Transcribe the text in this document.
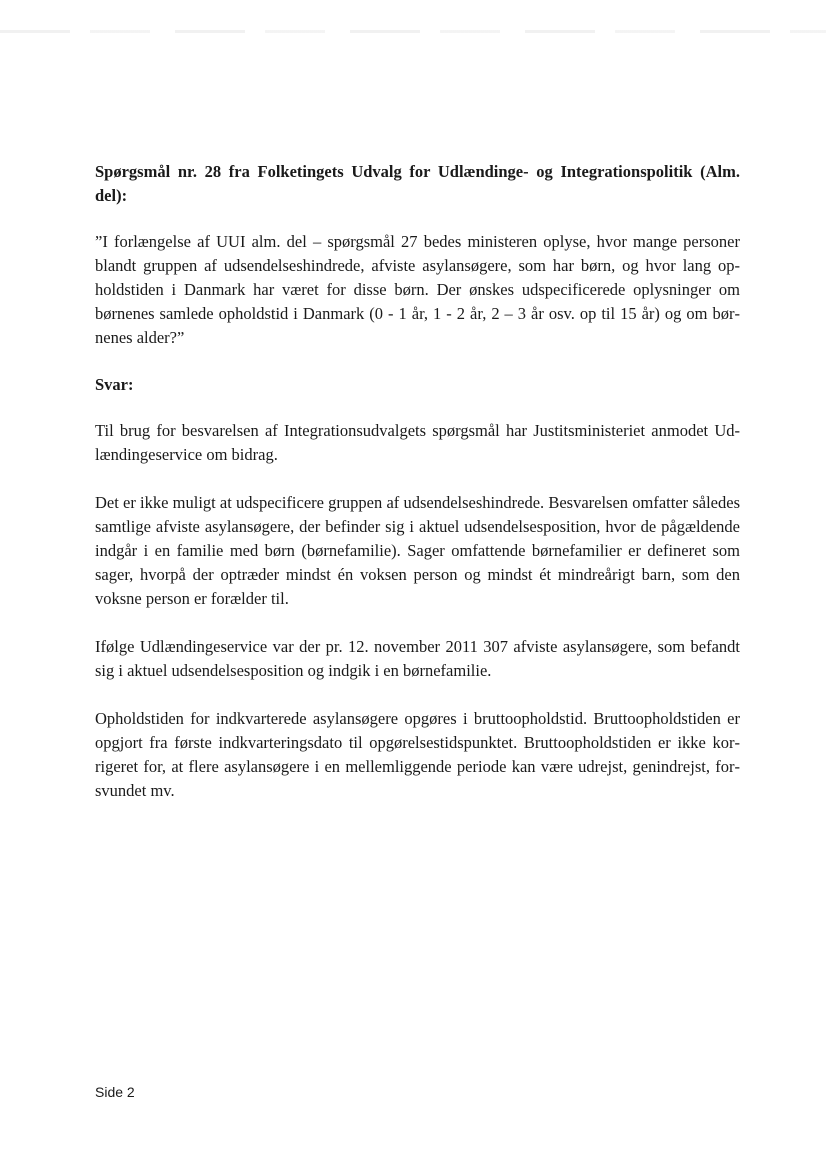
Spørgsmål nr. 28 fra Folketingets Udvalg for Udlændinge- og Integrationspolitik (Alm. del):

”I forlængelse af UUI alm. del – spørgsmål 27 bedes ministeren oplyse, hvor mange personer blandt gruppen af udsendelseshindrede, afviste asylansøgere, som har børn, og hvor lang opholdstiden i Danmark har været for disse børn. Der ønskes udspecificerede oplysninger om børnenes samlede opholdstid i Danmark (0 - 1 år, 1 - 2 år, 2 – 3 år osv. op til 15 år) og om børnenes alder?”

Svar:

Til brug for besvarelsen af Integrationsudvalgets spørgsmål har Justitsministeriet anmodet Udlændingeservice om bidrag.

Det er ikke muligt at udspecificere gruppen af udsendelseshindrede. Besvarelsen omfatter således samtlige afviste asylansøgere, der befinder sig i aktuel udsendelsesposition, hvor de pågældende indgår i en familie med børn (børnefamilie). Sager omfattende børnefamilier er defineret som sager, hvorpå der optræder mindst én voksen person og mindst ét mindreårigt barn, som den voksne person er forælder til.

Ifølge Udlændingeservice var der pr. 12. november 2011 307 afviste asylansøgere, som befandt sig i aktuel udsendelsesposition og indgik i en børnefamilie.

Opholdstiden for indkvarterede asylansøgere opgøres i bruttoopholdstid. Bruttoopholdstiden er opgjort fra første indkvarteringsdato til opgørelsestidspunktet. Bruttoopholdstiden er ikke korrigeret for, at flere asylansøgere i en mellemliggende periode kan være udrejst, genindrejst, forsvundet mv.

Side 2
